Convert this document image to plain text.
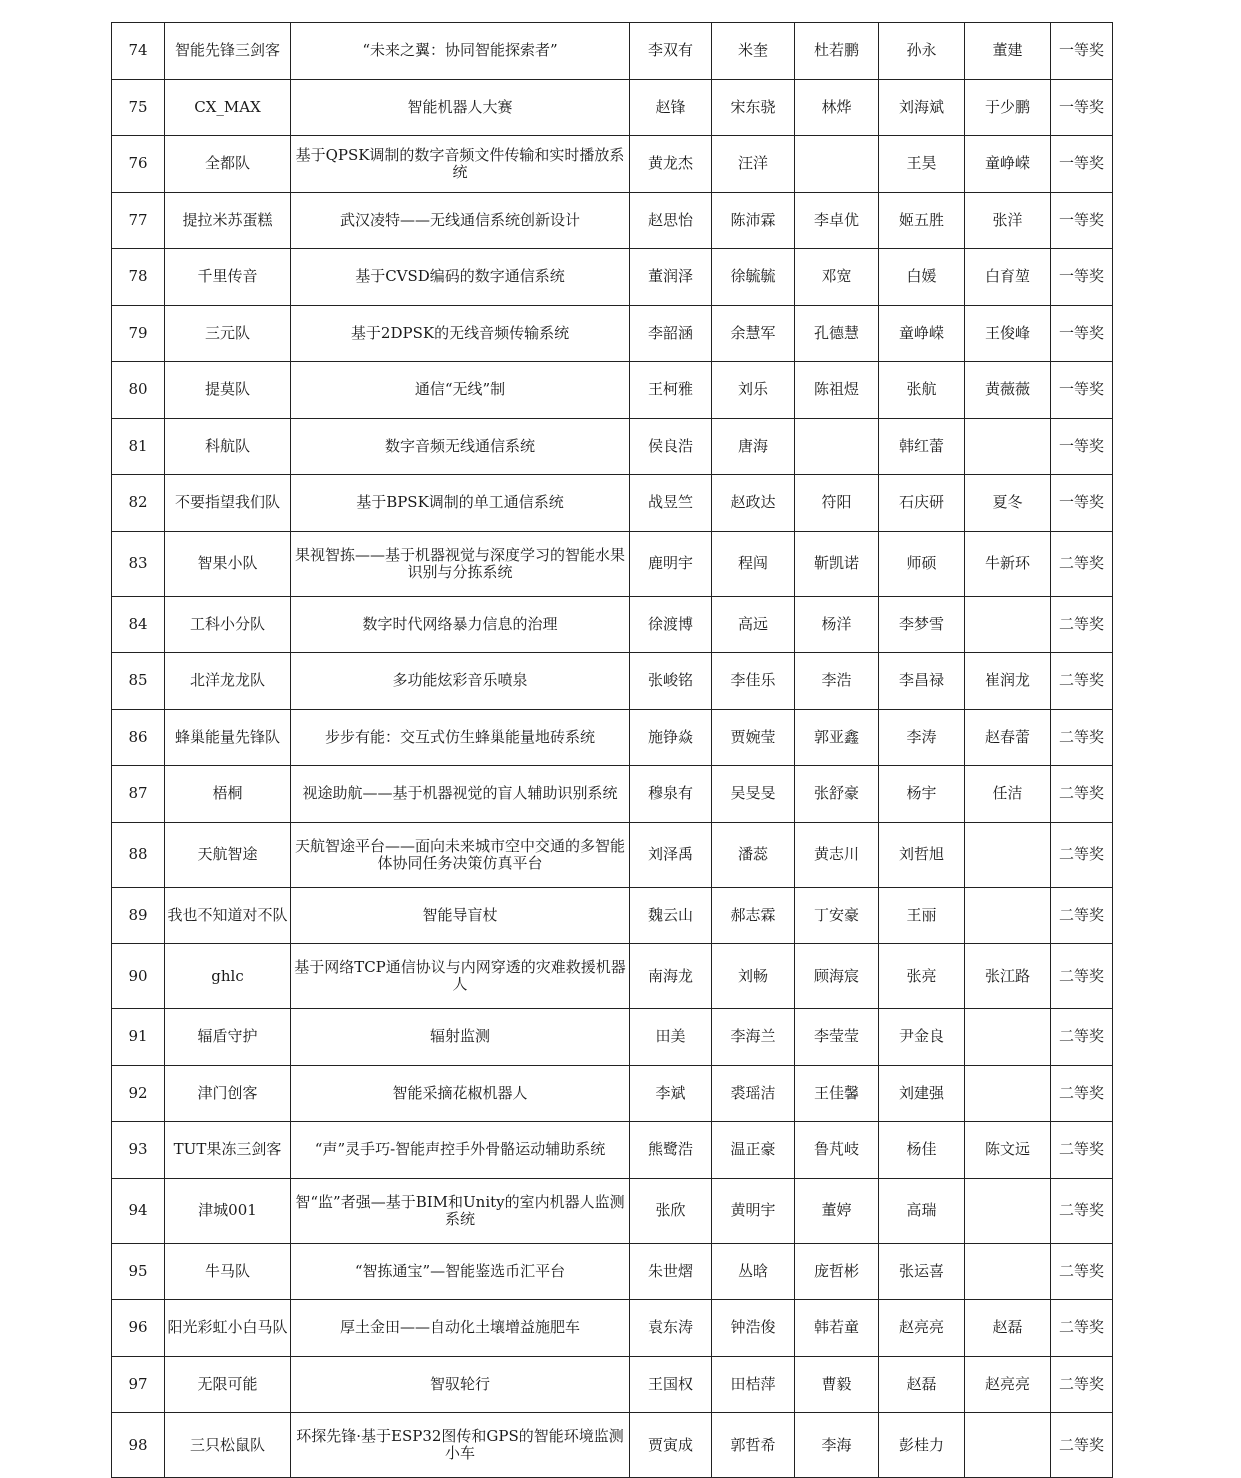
74	智能先锋三剑客	“未来之翼：协同智能探索者”	李双有	米奎	杜若鹏	孙永	董建	一等奖
75	CX_MAX	智能机器人大赛	赵锋	宋东骁	林烨	刘海斌	于少鹏	一等奖
76	全都队	基于QPSK调制的数字音频文件传输和实时播放系统	黄龙杰	汪洋		王昊	童峥嵘	一等奖
77	提拉米苏蛋糕	武汉凌特——无线通信系统创新设计	赵思怡	陈沛霖	李卓优	姬五胜	张洋	一等奖
78	千里传音	基于CVSD编码的数字通信系统	董润泽	徐毓毓	邓宽	白媛	白育堃	一等奖
79	三元队	基于2DPSK的无线音频传输系统	李韶涵	余慧军	孔德慧	童峥嵘	王俊峰	一等奖
80	提莫队	通信“无线”制	王柯雅	刘乐	陈祖煜	张航	黄薇薇	一等奖
81	科航队	数字音频无线通信系统	侯良浩	唐海		韩红蕾		一等奖
82	不要指望我们队	基于BPSK调制的单工通信系统	战昱竺	赵政达	符阳	石庆研	夏冬	一等奖
83	智果小队	果视智拣——基于机器视觉与深度学习的智能水果识别与分拣系统	鹿明宇	程闯	靳凯诺	师硕	牛新环	二等奖
84	工科小分队	数字时代网络暴力信息的治理	徐渡博	高远	杨洋	李梦雪		二等奖
85	北洋龙龙队	多功能炫彩音乐喷泉	张峻铭	李佳乐	李浩	李昌禄	崔润龙	二等奖
86	蜂巢能量先锋队	步步有能：交互式仿生蜂巢能量地砖系统	施铮焱	贾婉莹	郭亚鑫	李涛	赵春蕾	二等奖
87	梧桐	视途助航——基于机器视觉的盲人辅助识别系统	穆泉有	吴旻旻	张舒豪	杨宇	任洁	二等奖
88	天航智途	天航智途平台——面向未来城市空中交通的多智能体协同任务决策仿真平台	刘泽禹	潘蕊	黄志川	刘哲旭		二等奖
89	我也不知道对不队	智能导盲杖	魏云山	郝志霖	丁安豪	王丽		二等奖
90	ghlc	基于网络TCP通信协议与内网穿透的灾难救援机器人	南海龙	刘畅	顾海宸	张亮	张江路	二等奖
91	辐盾守护	辐射监测	田美	李海兰	李莹莹	尹金良		二等奖
92	津门创客	智能采摘花椒机器人	李斌	裘瑶洁	王佳馨	刘建强		二等奖
93	TUT果冻三剑客	“声”灵手巧-智能声控手外骨骼运动辅助系统	熊鹭浩	温正豪	鲁芃岐	杨佳	陈文远	二等奖
94	津城001	智“监”者强—基于BIM和Unity的室内机器人监测系统	张欣	黄明宇	董婷	高瑞		二等奖
95	牛马队	“智拣通宝”—智能鉴选币汇平台	朱世熠	丛晗	庞哲彬	张运喜		二等奖
96	阳光彩虹小白马队	厚土金田——自动化土壤增益施肥车	袁东涛	钟浩俊	韩若童	赵亮亮	赵磊	二等奖
97	无限可能	智驭轮行	王国权	田桔萍	曹毅	赵磊	赵亮亮	二等奖
98	三只松鼠队	环探先锋·基于ESP32图传和GPS的智能环境监测小车	贾寅成	郭哲希	李海	彭桂力		二等奖
